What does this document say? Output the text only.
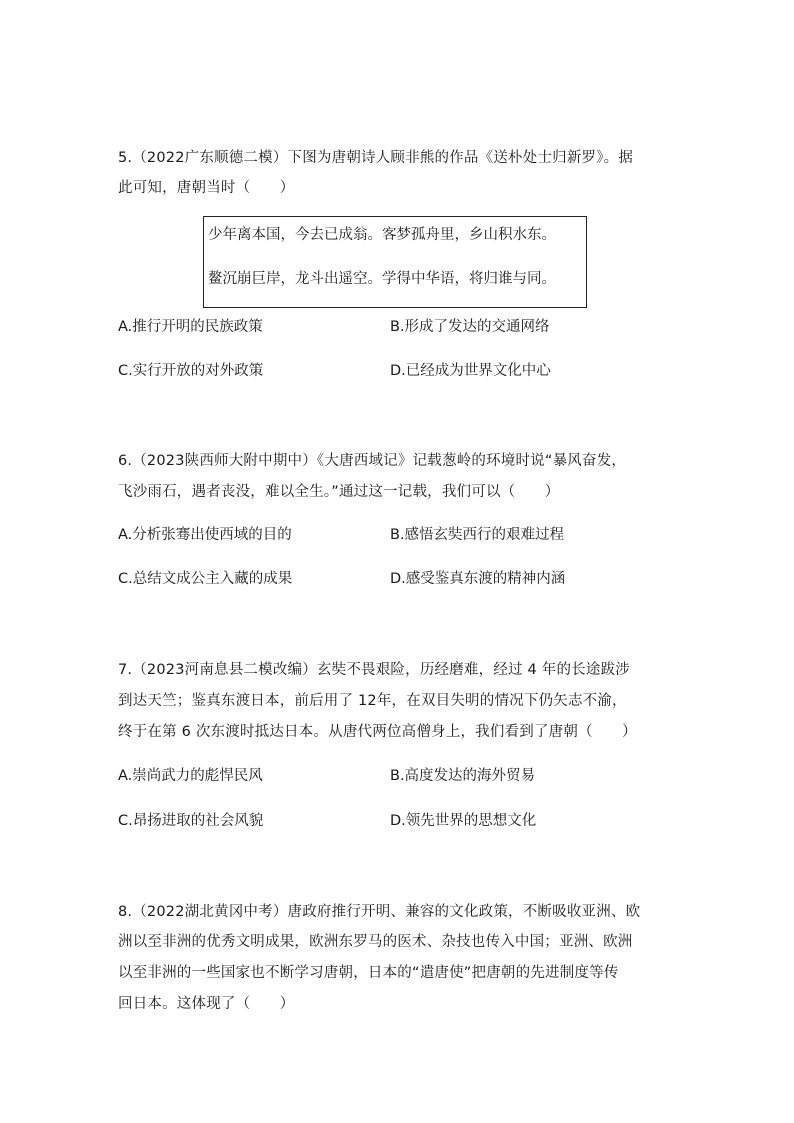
5.（2022广东顺德二模）下图为唐朝诗人顾非熊的作品《送朴处士归新罗》。据

此可知，唐朝当时（　　）

少年离本国，今去已成翁。客梦孤舟里，乡山积水东。

鳌沉崩巨岸，龙斗出遥空。学得中华语，将归谁与同。

A.推行开明的民族政策	B.形成了发达的交通网络

C.实行开放的对外政策	D.已经成为世界文化中心

6.（2023陕西师大附中期中）《大唐西域记》记载葱岭的环境时说“暴风奋发，

飞沙雨石，遇者丧没，难以全生。”通过这一记载，我们可以（　　）

A.分析张骞出使西域的目的	B.感悟玄奘西行的艰难过程

C.总结文成公主入藏的成果	D.感受鉴真东渡的精神内涵

7.（2023河南息县二模改编）玄奘不畏艰险，历经磨难，经过 4 年的长途跋涉

到达天竺；鉴真东渡日本，前后用了 12年，在双目失明的情况下仍矢志不渝，

终于在第 6 次东渡时抵达日本。从唐代两位高僧身上，我们看到了唐朝（　　）

A.崇尚武力的彪悍民风	B.高度发达的海外贸易

C.昂扬进取的社会风貌	D.领先世界的思想文化

8.（2022湖北黄冈中考）唐政府推行开明、兼容的文化政策，不断吸收亚洲、欧

洲以至非洲的优秀文明成果，欧洲东罗马的医术、杂技也传入中国；亚洲、欧洲

以至非洲的一些国家也不断学习唐朝，日本的“遣唐使”把唐朝的先进制度等传

回日本。这体现了（　　）
